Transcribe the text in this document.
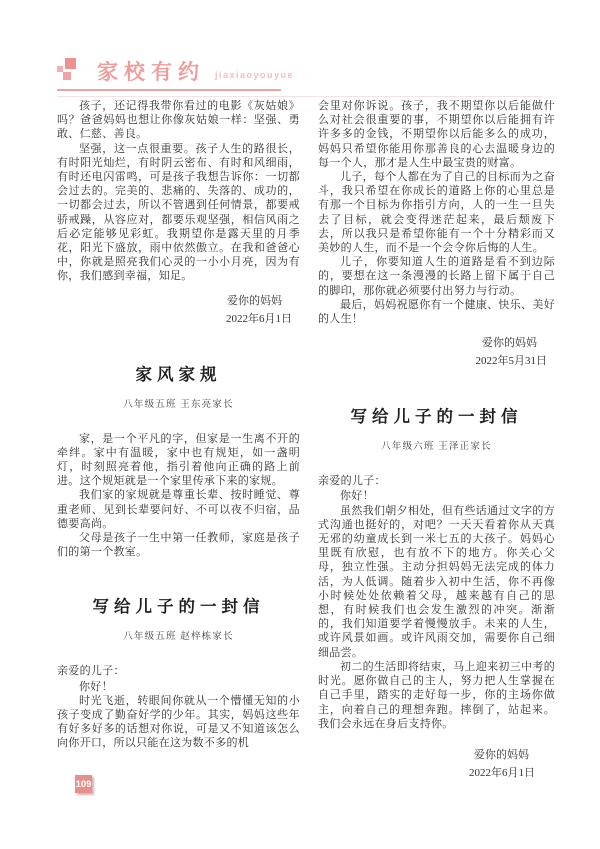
家校有约 jiaxiaoyouyue

孩子，还记得我带你看过的电影《灰姑娘》吗？爸爸妈妈也想让你像灰姑娘一样：坚强、勇敢、仁慈、善良。

坚强，这一点很重要。孩子人生的路很长，有时阳光灿烂，有时阴云密布、有时和风细雨，有时还电闪雷鸣，可是孩子我想告诉你：一切都会过去的。完美的、悲痛的、失落的、成功的，一切都会过去，所以不管遇到任何情景，都要戒骄戒躁，从容应对，都要乐观坚强，相信风雨之后必定能够见彩虹。我期望你是露天里的月季花，阳光下盛放，雨中依然傲立。在我和爸爸心中，你就是照亮我们心灵的一小小月亮，因为有你，我们感到幸福，知足。

爱你的妈妈
2022年6月1日
家风家规
八年级五班 王东亮家长

家，是一个平凡的字，但家是一生离不开的牵绊。家中有温暖，家中也有规矩，如一盏明灯，时刻照亮着他，指引着他向正确的路上前进。这个规矩就是一个家里传承下来的家规。

我们家的家规就是尊重长辈、按时睡觉、尊重老师、见到长辈要问好、不可以夜不归宿，品德要高尚。

父母是孩子一生中第一任教师，家庭是孩子们的第一个教室。

写给儿子的一封信
八年级五班 赵梓栋家长

亲爱的儿子：

你好！

时光飞逝，转眼间你就从一个懵懂无知的小孩子变成了勤奋好学的少年。其实，妈妈这些年有好多好多的话想对你说，可是又不知道该怎么向你开口，所以只能在这为数不多的机

会里对你诉说。孩子，我不期望你以后能做什么对社会很重要的事，不期望你以后能拥有许许多多的金钱，不期望你以后能多么的成功，妈妈只希望你能用你那善良的心去温暖身边的每一个人，那才是人生中最宝贵的财富。

儿子，每个人都在为了自己的目标而为之奋斗，我只希望在你成长的道路上你的心里总是有那一个目标为你指引方向，人的一生一旦失去了目标，就会变得迷茫起来，最后颓废下去，所以我只是希望你能有一个十分精彩而又美妙的人生，而不是一个会令你后悔的人生。

儿子，你要知道人生的道路是看不到边际的，要想在这一条漫漫的长路上留下属于自己的脚印，那你就必须要付出努力与行动。

最后，妈妈祝愿你有一个健康、快乐、美好的人生！

爱你的妈妈
2022年5月31日
写给儿子的一封信
八年级六班 王泽正家长

亲爱的儿子：

你好！

虽然我们朝夕相处，但有些话通过文字的方式沟通也挺好的，对吧？一天天看着你从天真无邪的幼童成长到一米七五的大孩子。妈妈心里既有欣慰，也有放不下的地方。你关心父母，独立性强。主动分担妈妈无法完成的体力活，为人低调。随着步入初中生活，你不再像小时候处处依赖着父母，越来越有自己的思想，有时候我们也会发生激烈的冲突。渐渐的，我们知道要学着慢慢放手。未来的人生，或许风景如画。或许风雨交加，需要你自己细细品尝。

初二的生活即将结束，马上迎来初三中考的时光。愿你做自己的主人，努力把人生掌握在自己手里，踏实的走好每一步，你的主场你做主，向着自己的理想奔跑。摔倒了，站起来。我们会永远在身后支持你。

爱你的妈妈
2022年6月1日
109
